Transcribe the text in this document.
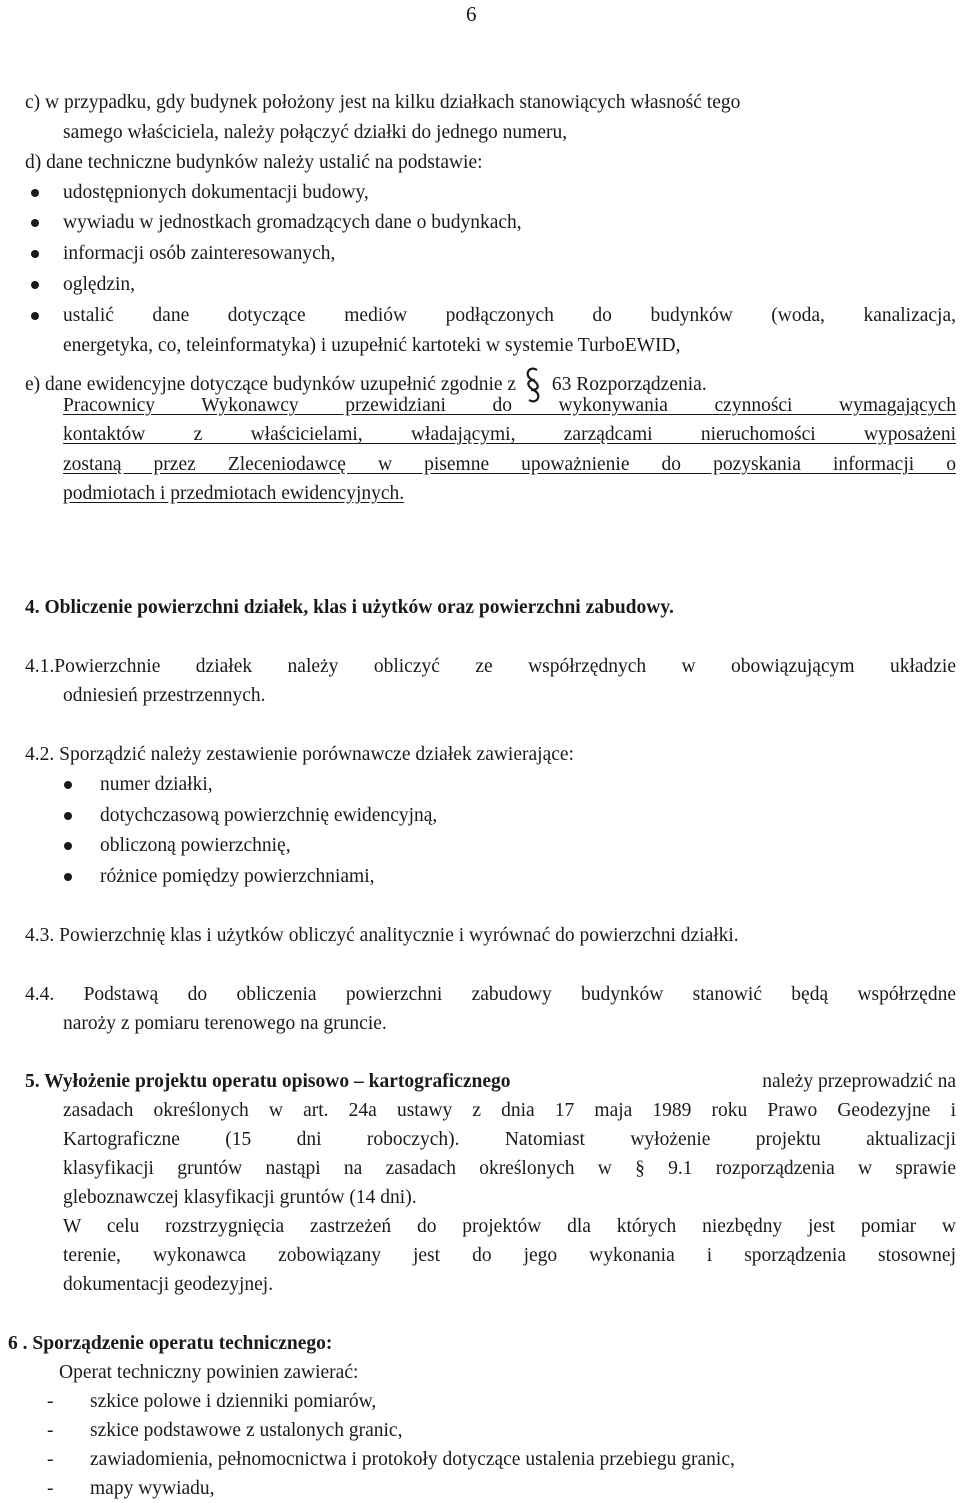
6
c) w przypadku, gdy budynek położony jest na kilku działkach stanowiących własność tego
samego właściciela, należy połączyć działki do jednego numeru,
d) dane techniczne budynków należy ustalić na podstawie:
udostępnionych dokumentacji budowy,
wywiadu w jednostkach gromadzących dane o budynkach,
informacji osób zainteresowanych,
oględzin,
ustalić dane dotyczące mediów podłączonych do budynków (woda, kanalizacja,
energetyka, co, teleinformatyka) i uzupełnić kartoteki w systemie TurboEWID,
e) dane ewidencyjne dotyczące budynków uzupełnić zgodnie z 63 Rozporządzenia.
Pracownicy Wykonawcy przewidziani do wykonywania czynności wymagających
kontaktów z właścicielami, władającymi, zarządcami nieruchomości wyposażeni
zostaną przez Zleceniodawcę w pisemne upoważnienie do pozyskania informacji o
podmiotach i przedmiotach ewidencyjnych.
4. Obliczenie powierzchni działek, klas i użytków oraz powierzchni zabudowy.
4.1.Powierzchnie działek należy obliczyć ze współrzędnych w obowiązującym układzie
odniesień przestrzennych.
4.2. Sporządzić należy zestawienie porównawcze działek zawierające:
numer działki,
dotychczasową powierzchnię ewidencyjną,
obliczoną powierzchnię,
różnice pomiędzy powierzchniami,
4.3. Powierzchnię klas i użytków obliczyć analitycznie i wyrównać do powierzchni działki.
4.4. Podstawą do obliczenia powierzchni zabudowy budynków stanowić będą współrzędne
naroży z pomiaru terenowego na gruncie.
5. Wyłożenie projektu operatu opisowo – kartograficznego	należy przeprowadzić na
zasadach określonych w art. 24a ustawy z dnia 17 maja 1989 roku Prawo Geodezyjne i
Kartograficzne (15 dni roboczych). Natomiast wyłożenie projektu aktualizacji
klasyfikacji gruntów nastąpi na zasadach określonych w § 9.1 rozporządzenia w sprawie
gleboznawczej klasyfikacji gruntów (14 dni).
W celu rozstrzygnięcia zastrzeżeń do projektów dla których niezbędny jest pomiar w
terenie, wykonawca zobowiązany jest do jego wykonania i sporządzenia stosownej
dokumentacji geodezyjnej.
6 . Sporządzenie operatu technicznego:
Operat techniczny powinien zawierać:
- szkice polowe i dzienniki pomiarów,
- szkice podstawowe z ustalonych granic,
- zawiadomienia, pełnomocnictwa i protokoły dotyczące ustalenia przebiegu granic,
- mapy wywiadu,
